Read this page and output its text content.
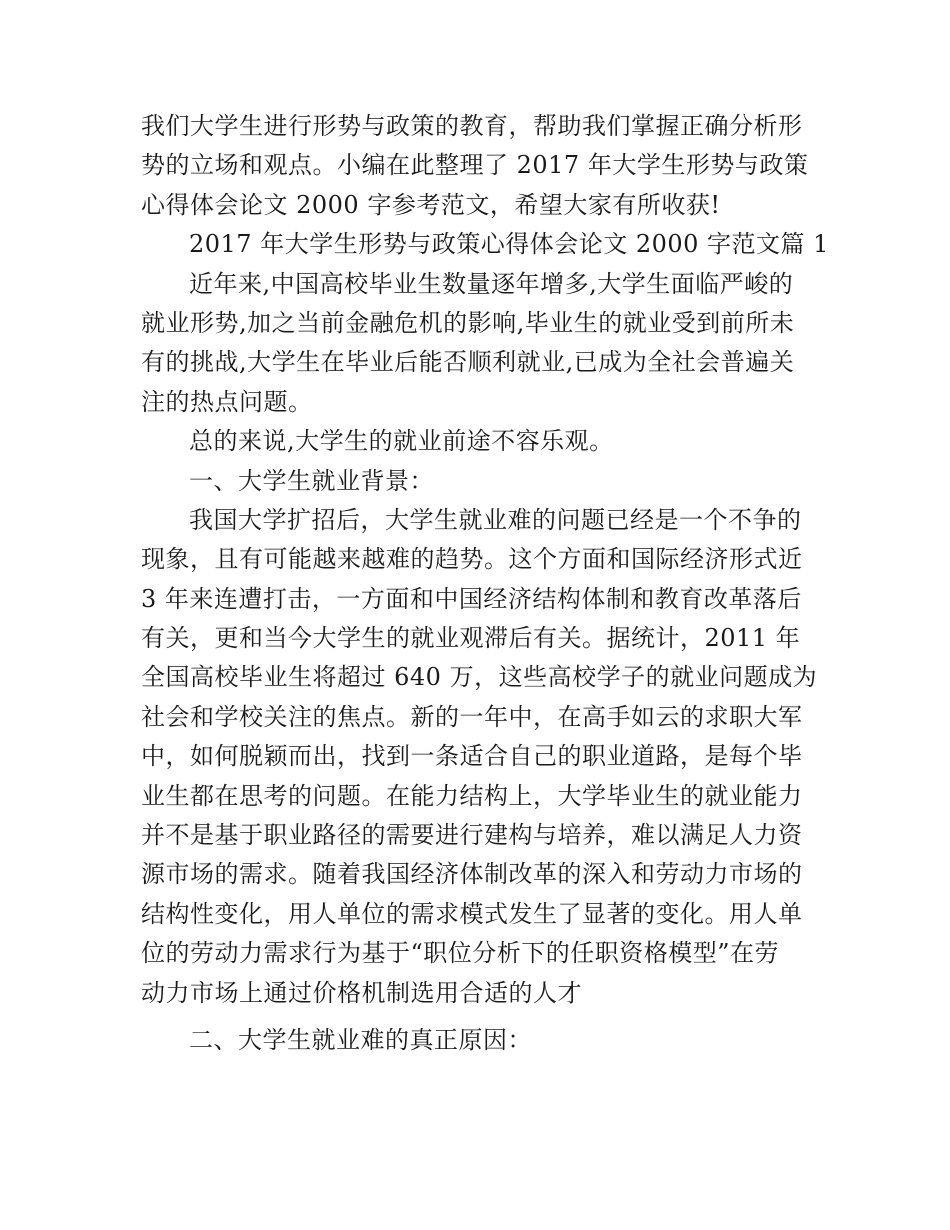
我们大学生进行形势与政策的教育，帮助我们掌握正确分析形
势的立场和观点。小编在此整理了 2017 年大学生形势与政策
心得体会论文 2000 字参考范文，希望大家有所收获!
2017 年大学生形势与政策心得体会论文 2000 字范文篇 1
近年来,中国高校毕业生数量逐年增多,大学生面临严峻的
就业形势,加之当前金融危机的影响,毕业生的就业受到前所未
有的挑战,大学生在毕业后能否顺利就业,已成为全社会普遍关
注的热点问题。
总的来说,大学生的就业前途不容乐观。
一、大学生就业背景：
我国大学扩招后，大学生就业难的问题已经是一个不争的
现象，且有可能越来越难的趋势。这个方面和国际经济形式近
3 年来连遭打击，一方面和中国经济结构体制和教育改革落后
有关，更和当今大学生的就业观滞后有关。据统计，2011 年
全国高校毕业生将超过 640 万，这些高校学子的就业问题成为
社会和学校关注的焦点。新的一年中，在高手如云的求职大军
中，如何脱颖而出，找到一条适合自己的职业道路，是每个毕
业生都在思考的问题。在能力结构上，大学毕业生的就业能力
并不是基于职业路径的需要进行建构与培养，难以满足人力资
源市场的需求。随着我国经济体制改革的深入和劳动力市场的
结构性变化，用人单位的需求模式发生了显著的变化。用人单
位的劳动力需求行为基于“职位分析下的任职资格模型”在劳
动力市场上通过价格机制选用合适的人才
二、大学生就业难的真正原因：
